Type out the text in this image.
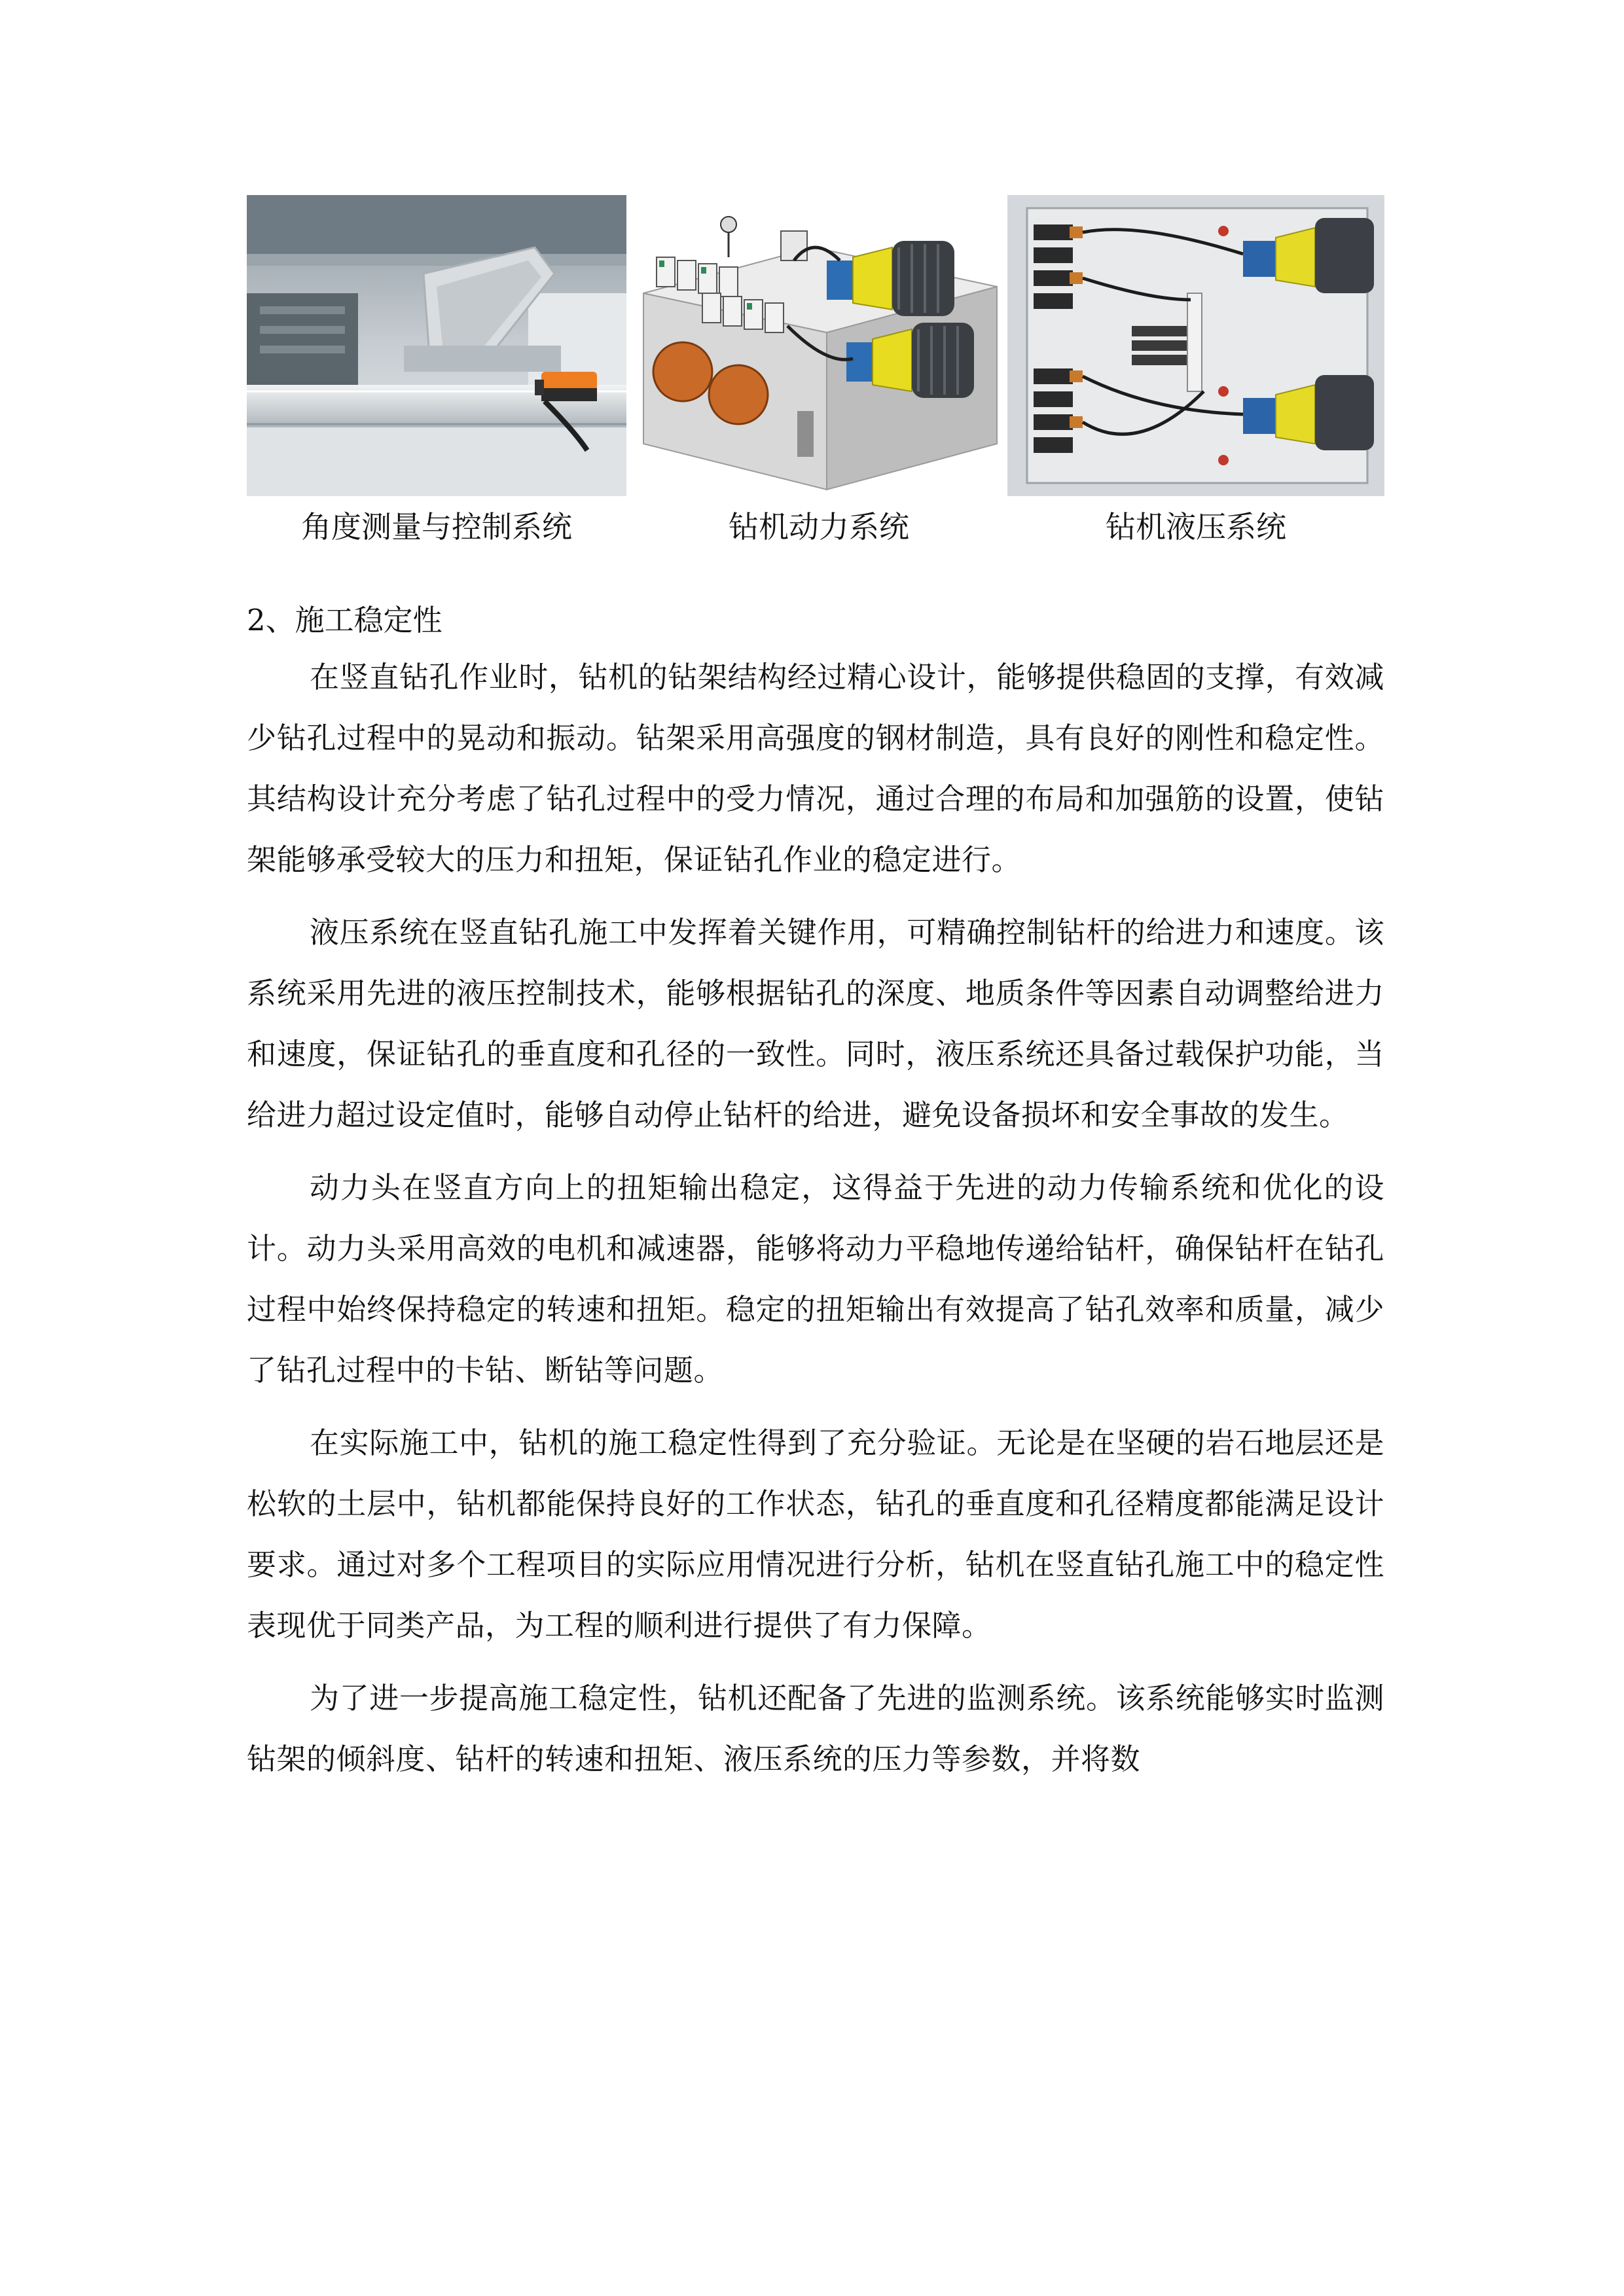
角度测量与控制系统	钻机动力系统	钻机液压系统
2、施工稳定性

在竖直钻孔作业时，钻机的钻架结构经过精心设计，能够提供稳固的支撑，有效减少钻孔过程中的晃动和振动。钻架采用高强度的钢材制造，具有良好的刚性和稳定性。其结构设计充分考虑了钻孔过程中的受力情况，通过合理的布局和加强筋的设置，使钻架能够承受较大的压力和扭矩，保证钻孔作业的稳定进行。

液压系统在竖直钻孔施工中发挥着关键作用，可精确控制钻杆的给进力和速度。该系统采用先进的液压控制技术，能够根据钻孔的深度、地质条件等因素自动调整给进力和速度，保证钻孔的垂直度和孔径的一致性。同时，液压系统还具备过载保护功能，当给进力超过设定值时，能够自动停止钻杆的给进，避免设备损坏和安全事故的发生。

动力头在竖直方向上的扭矩输出稳定，这得益于先进的动力传输系统和优化的设计。动力头采用高效的电机和减速器，能够将动力平稳地传递给钻杆，确保钻杆在钻孔过程中始终保持稳定的转速和扭矩。稳定的扭矩输出有效提高了钻孔效率和质量，减少了钻孔过程中的卡钻、断钻等问题。

在实际施工中，钻机的施工稳定性得到了充分验证。无论是在坚硬的岩石地层还是松软的土层中，钻机都能保持良好的工作状态，钻孔的垂直度和孔径精度都能满足设计要求。通过对多个工程项目的实际应用情况进行分析，钻机在竖直钻孔施工中的稳定性表现优于同类产品，为工程的顺利进行提供了有力保障。

为了进一步提高施工稳定性，钻机还配备了先进的监测系统。该系统能够实时监测钻架的倾斜度、钻杆的转速和扭矩、液压系统的压力等参数，并将数
